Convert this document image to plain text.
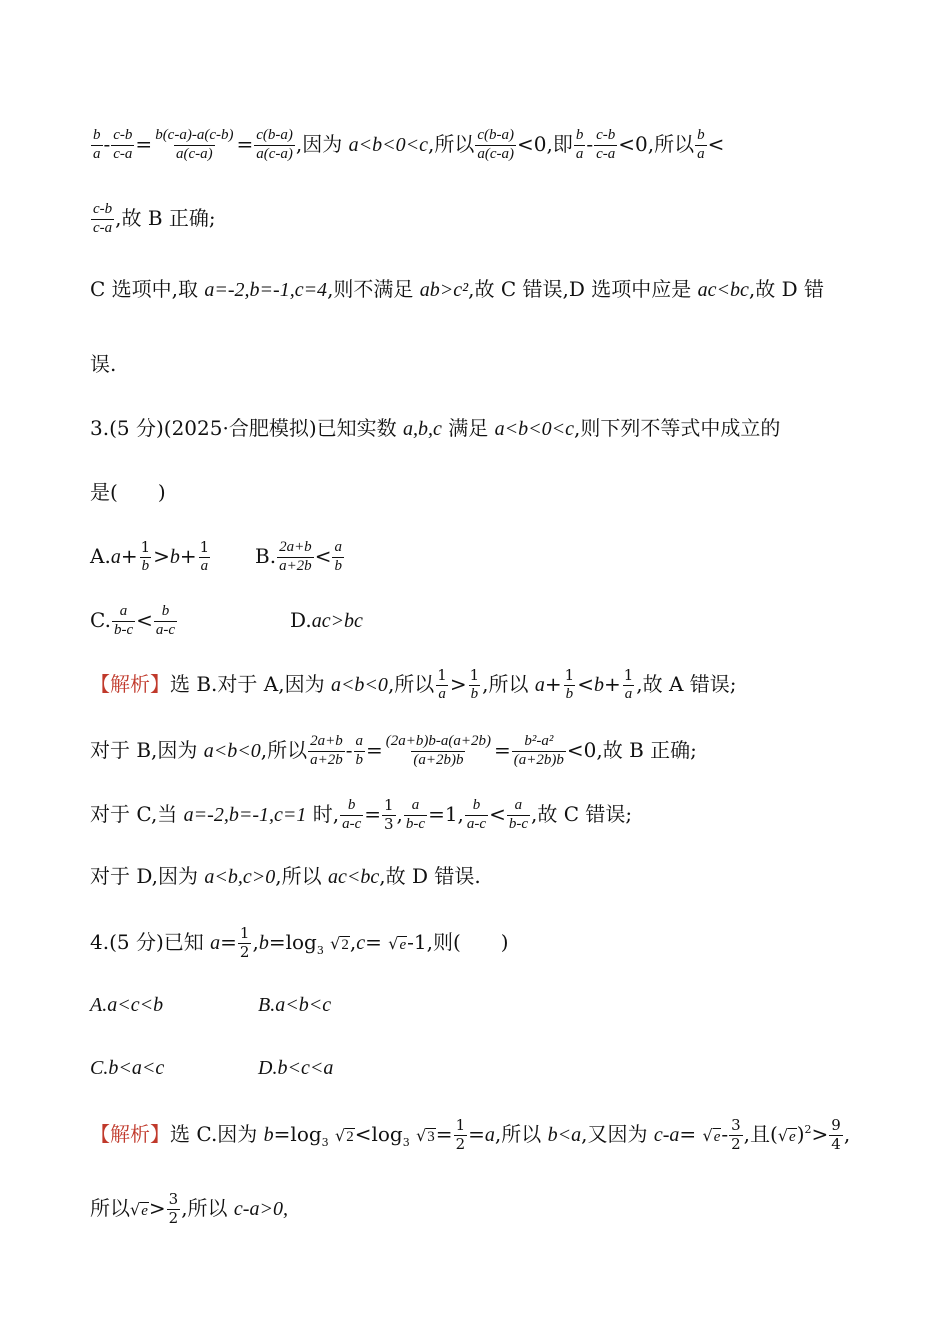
$\frac{b}{a} - \frac{c-b}{c-a} = \frac{b(c-a)-a(c-b)}{a(c-a)} = \frac{c(b-a)}{a(c-a)}$ ,因为 a<b<0<c,所以 $\frac{c(b-a)}{a(c-a)} <0$,即 $\frac{b}{a} - \frac{c-b}{c-a} <0$,所以 $\frac{b}{a}$ <
$\frac{c-b}{c-a}$ ,故 B 正确;
C 选项中,取 a=-2,b=-1,c=4,则不满足 ab>c²,故 C 错误,D 选项中应是 ac<bc,故 D 错
误.
3.(5 分)(2025·合肥模拟)已知实数 a,b,c 满足 a<b<0<c,则下列不等式中成立的
是( )
$A.a+ \frac{1}{b} >b+ \frac{1}{a} B$. $\frac{2a+b}{a+2b} < \frac{a}{b}$
C. $\frac{a}{b-c} < \frac{b}{a-c}$	D.ac>bc
【解析】选 B.对于 A,因为 a<b<0,所以 $\frac{1}{a} > \frac{1}{b}$ ,所以 $a+ \frac{1}{b} <b+ \frac{1}{a}$ ,故 A 错误;
对于 B,因为 a<b<0,所以 $\frac{2a+b}{a+2b} - \frac{a}{b} = \frac{(2a+b)b-a(a+2b)}{(a+2b)b} = \frac{\text{b²-a²}}{(a+2b)b} <0$,故 B 正确;
对于 C,当 a=-2,b=-1,c=1 时, $\frac{b}{a-c} = \frac{1}{3}$ , $\frac{a}{b-c} =1$, $\frac{b}{a-c} < \frac{a}{b-c}$ ,故 C 错误;
对于 D,因为 a<b,c>0,所以 ac<bc,故 D 错误.
4.(5 分)已知 $a= \frac{1}{2} ,b=\log_3$ √2,c= √e-1,则( )
A.a<c<b	B.a<b<c
C.b<a<c	D.b<c<a
【解析】选 C.因为 $b=\log_3$ $√2<\log_3$ $√3= \frac{1}{2} =a$,所以 b<a,又因为 $c-a= √e- \frac{3}{2}$ ,且$(√e)^2> \frac{9}{4}$ ,
所以$√e> \frac{3}{2}$ ,所以 c-a>0,
